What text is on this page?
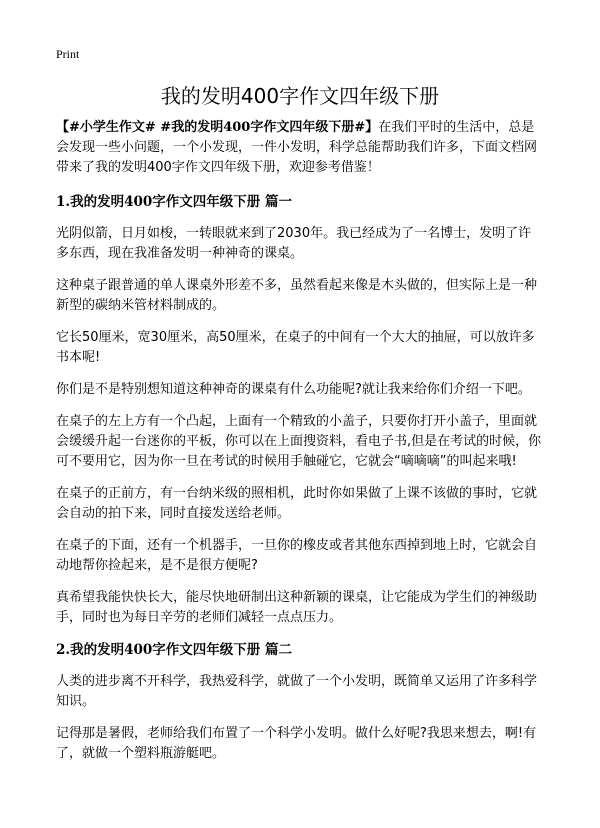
Print
我的发明400字作文四年级下册

【#小学生作文# #我的发明400字作文四年级下册#】在我们平时的生活中，总是会发现一些小问题，一个小发现，一件小发明，科学总能帮助我们许多，下面文档网带来了我的发明400字作文四年级下册，欢迎参考借鉴！

1.我的发明400字作文四年级下册 篇一

光阴似箭，日月如梭，一转眼就来到了2030年。我已经成为了一名博士，发明了许多东西，现在我准备发明一种神奇的课桌。

这种桌子跟普通的单人课桌外形差不多，虽然看起来像是木头做的，但实际上是一种新型的碳纳米管材料制成的。

它长50厘米，宽30厘米，高50厘米，在桌子的中间有一个大大的抽屉，可以放许多书本呢!

你们是不是特别想知道这种神奇的课桌有什么功能呢?就让我来给你们介绍一下吧。

在桌子的左上方有一个凸起，上面有一个精致的小盖子，只要你打开小盖子，里面就会缓缓升起一台迷你的平板，你可以在上面搜资料，看电子书,但是在考试的时候，你可不要用它，因为你一旦在考试的时候用手触碰它，它就会“嘀嘀嘀”的叫起来哦!

在桌子的正前方，有一台纳米级的照相机，此时你如果做了上课不该做的事时，它就会自动的拍下来，同时直接发送给老师。

在桌子的下面，还有一个机器手，一旦你的橡皮或者其他东西掉到地上时，它就会自动地帮你捡起来，是不是很方便呢?

真希望我能快快长大，能尽快地研制出这种新颖的课桌，让它能成为学生们的神级助手，同时也为每日辛劳的老师们减轻一点点压力。

2.我的发明400字作文四年级下册 篇二

人类的进步离不开科学，我热爱科学，就做了一个小发明，既简单又运用了许多科学知识。

记得那是暑假，老师给我们布置了一个科学小发明。做什么好呢?我思来想去，啊!有了，就做一个塑料瓶游艇吧。
